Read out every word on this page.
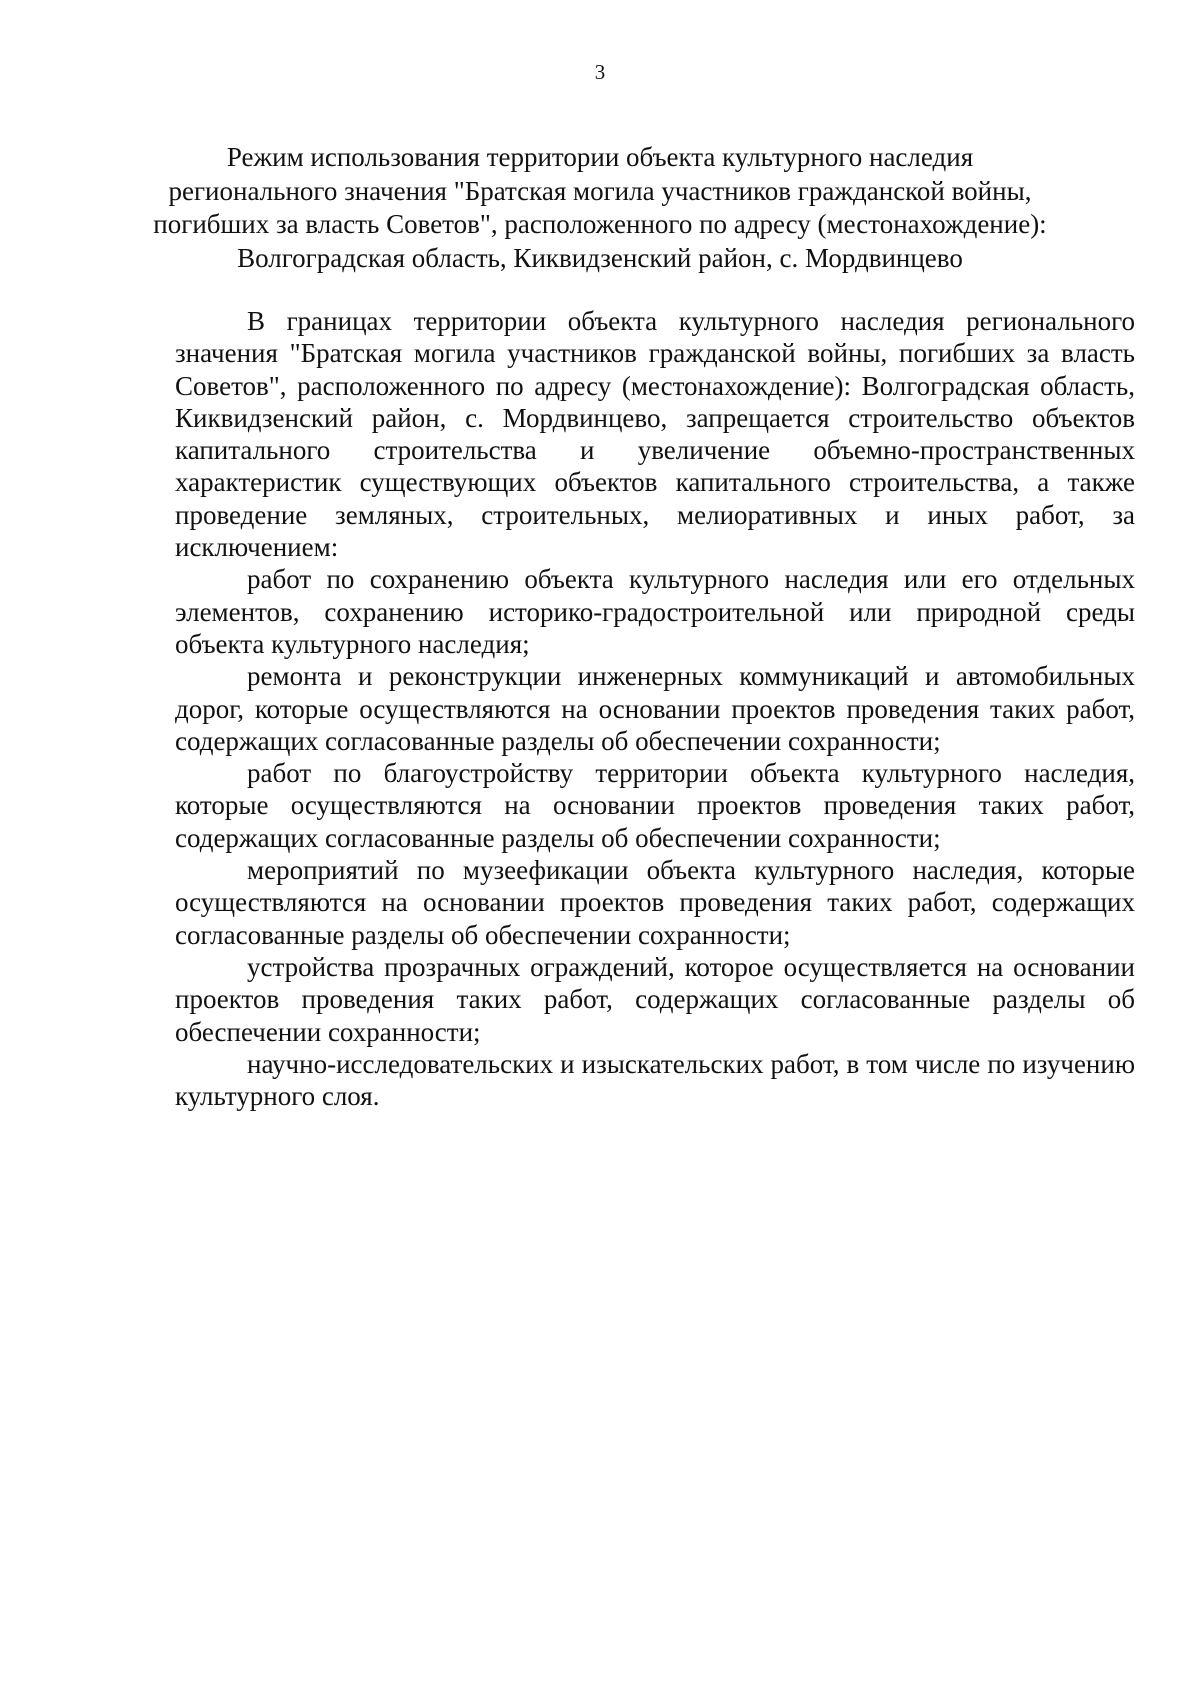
3
Режим использования территории объекта культурного наследия
регионального значения "Братская могила участников гражданской войны,
погибших за власть Советов", расположенного по адресу (местонахождение):
Волгоградская область, Киквидзенский район, с. Мордвинцево

В границах территории объекта культурного наследия регионального значения "Братская могила участников гражданской войны, погибших за власть Советов", расположенного по адресу (местонахождение): Волгоградская область, Киквидзенский район, с. Мордвинцево, запрещается строительство объектов капитального строительства и увеличение объемно-пространственных характеристик существующих объектов капитального строительства, а также проведение земляных, строительных, мелиоративных и иных работ, за исключением:

работ по сохранению объекта культурного наследия или его отдельных элементов, сохранению историко-градостроительной или природной среды объекта культурного наследия;

ремонта и реконструкции инженерных коммуникаций и автомобильных дорог, которые осуществляются на основании проектов проведения таких работ, содержащих согласованные разделы об обеспечении сохранности;

работ по благоустройству территории объекта культурного наследия, которые осуществляются на основании проектов проведения таких работ, содержащих согласованные разделы об обеспечении сохранности;

мероприятий по музеефикации объекта культурного наследия, которые осуществляются на основании проектов проведения таких работ, содержащих согласованные разделы об обеспечении сохранности;

устройства прозрачных ограждений, которое осуществляется на основании проектов проведения таких работ, содержащих согласованные разделы об обеспечении сохранности;

научно-исследовательских и изыскательских работ, в том числе по изучению культурного слоя.
